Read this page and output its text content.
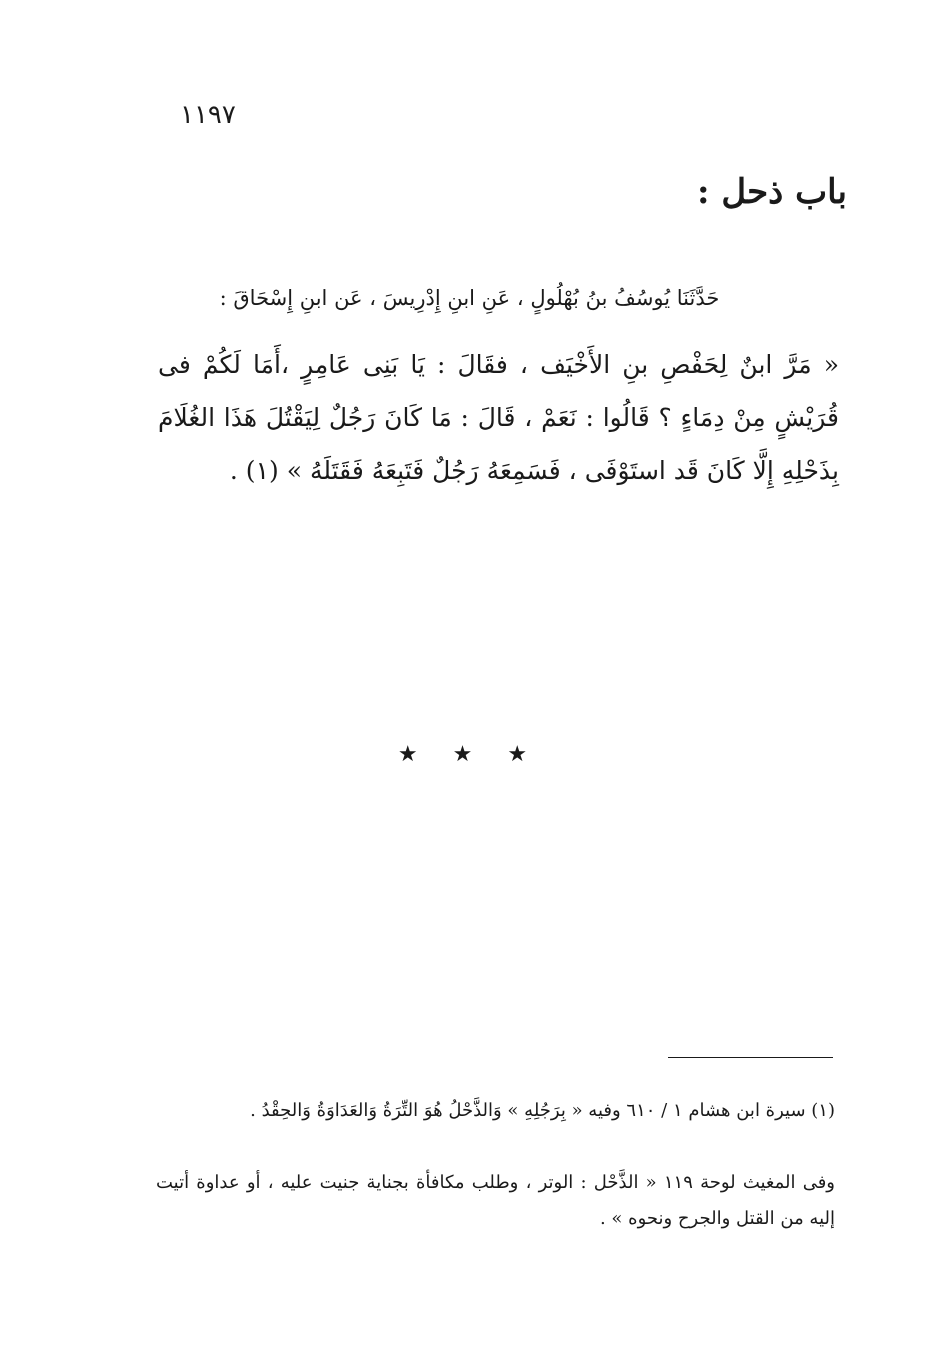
١١٩٧
باب ذحل :
حَدَّثَنَا يُوسُفُ بنُ بُهْلُولٍ ، عَنِ ابنِ إِدْرِيسَ ، عَن ابنِ إِسْحَاقَ :
« مَرَّ ابنٌ لِحَفْصِ بنِ الأَخْيَف ، فقَالَ : يَا بَنِى عَامِرٍ ،أَمَا لَكُمْ فى قُرَيْشٍ مِنْ دِمَاءٍ ؟ قَالُوا : نَعَمْ ، قَالَ : مَا كَانَ رَجُلٌ لِيَقْتُلَ هَذَا الغُلَامَ بِذَحْلِهِ إِلَّا كَانَ قَد استَوْفَى ، فَسَمِعَهُ رَجُلٌ فَتَبِعَهُ فَقَتَلَهُ » (١) .
★ ★ ★
(١) سيرة ابن هشام ١ / ٦١٠ وفيه « بِرَجُلِهِ » وَالذَّحْلُ هُوَ التِّرَةُ وَالعَدَاوَةُ وَالحِقْدُ .
وفى المغيث لوحة ١١٩ « الذَّحْل : الوتر ، وطلب مكافأة بجناية جنيت عليه ، أو عداوة أتيت إليه من القتل والجرح ونحوه » .
